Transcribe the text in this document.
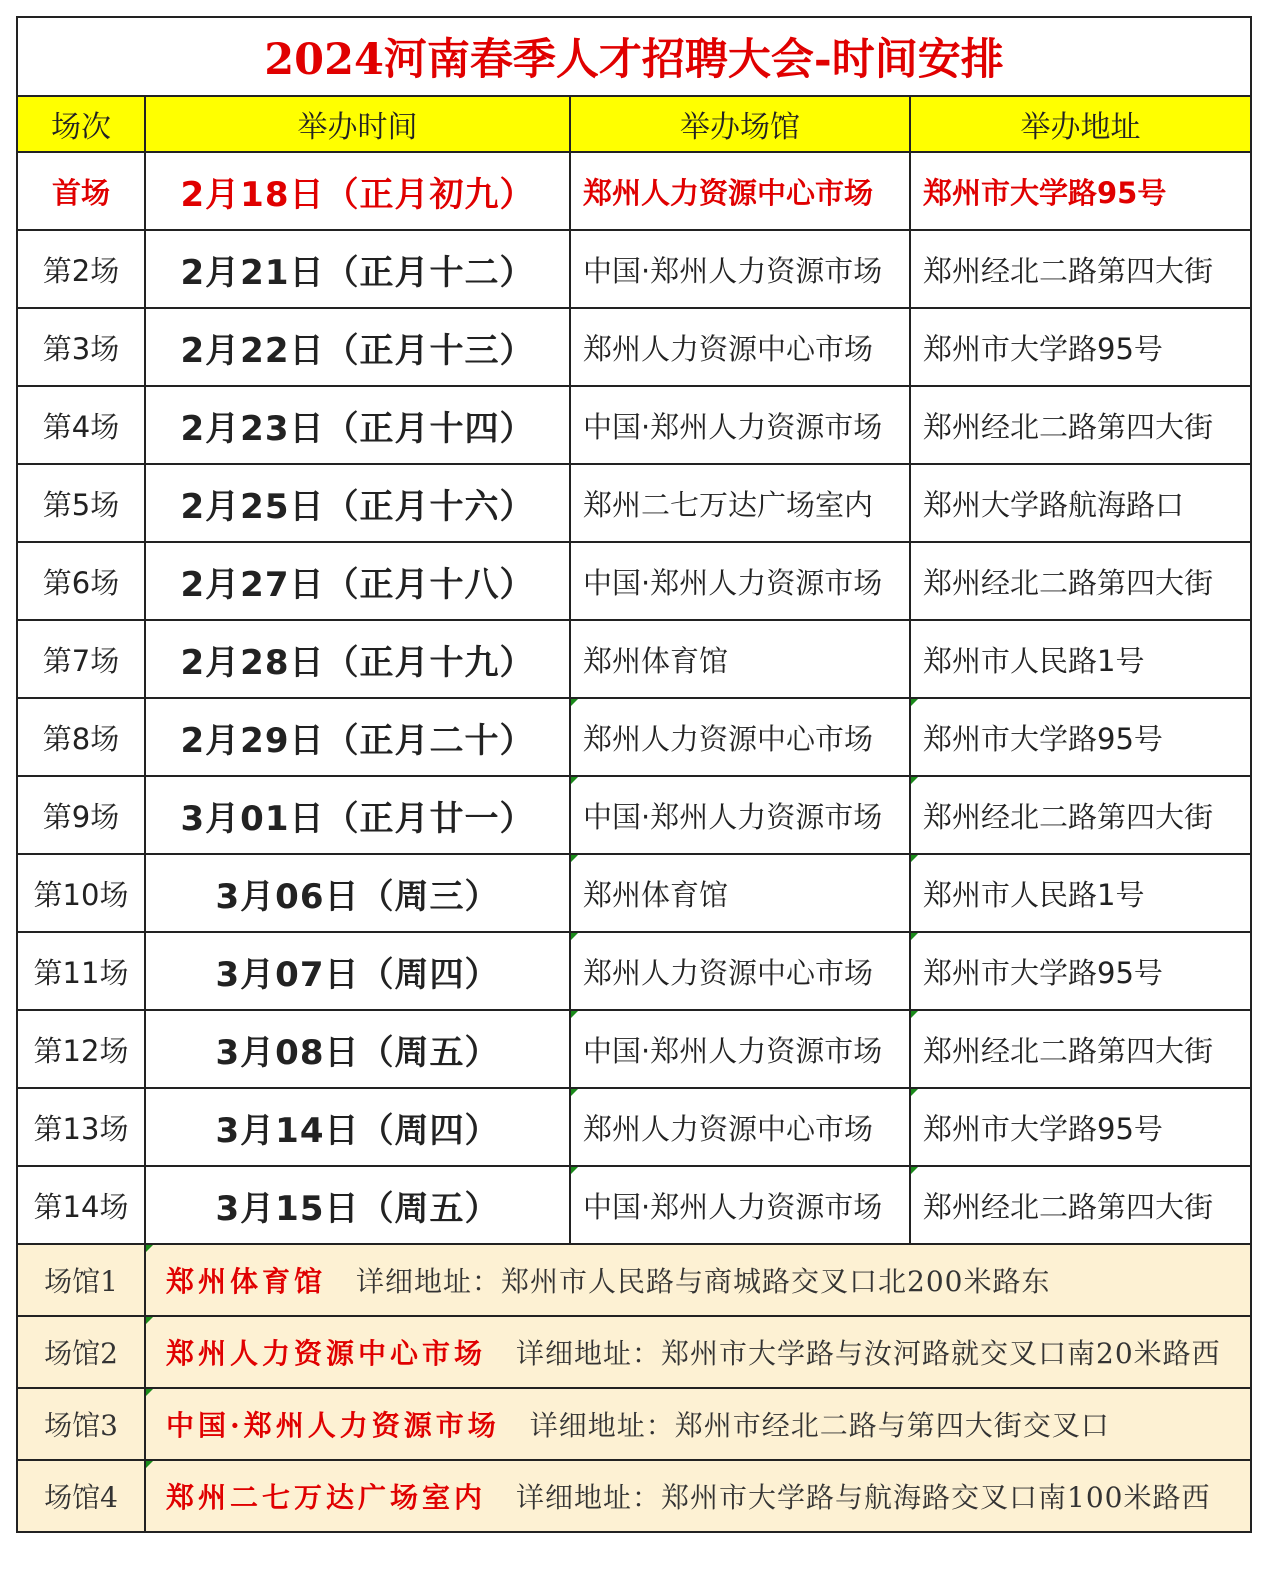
2024河南春季人才招聘大会-时间安排			
场次	举办时间	举办场馆	举办地址
首场	2月18日（正月初九）	郑州人力资源中心市场	郑州市大学路95号
第2场	2月21日（正月十二）	中国·郑州人力资源市场	郑州经北二路第四大街
第3场	2月22日（正月十三）	郑州人力资源中心市场	郑州市大学路95号
第4场	2月23日（正月十四）	中国·郑州人力资源市场	郑州经北二路第四大街
第5场	2月25日（正月十六）	郑州二七万达广场室内	郑州大学路航海路口
第6场	2月27日（正月十八）	中国·郑州人力资源市场	郑州经北二路第四大街
第7场	2月28日（正月十九）	郑州体育馆	郑州市人民路1号
第8场	2月29日（正月二十）	郑州人力资源中心市场	郑州市大学路95号
第9场	3月01日（正月廿一）	中国·郑州人力资源市场	郑州经北二路第四大街
第10场	3月06日（周三）	郑州体育馆	郑州市人民路1号
第11场	3月07日（周四）	郑州人力资源中心市场	郑州市大学路95号
第12场	3月08日（周五）	中国·郑州人力资源市场	郑州经北二路第四大街
第13场	3月14日（周四）	郑州人力资源中心市场	郑州市大学路95号
第14场	3月15日（周五）	中国·郑州人力资源市场	郑州经北二路第四大街
场馆1	郑州体育馆 详细地址：郑州市人民路与商城路交叉口北200米路东		
场馆2	郑州人力资源中心市场 详细地址：郑州市大学路与汝河路就交叉口南20米路西		
场馆3	中国·郑州人力资源市场 详细地址：郑州市经北二路与第四大街交叉口		
场馆4	郑州二七万达广场室内 详细地址：郑州市大学路与航海路交叉口南100米路西		
